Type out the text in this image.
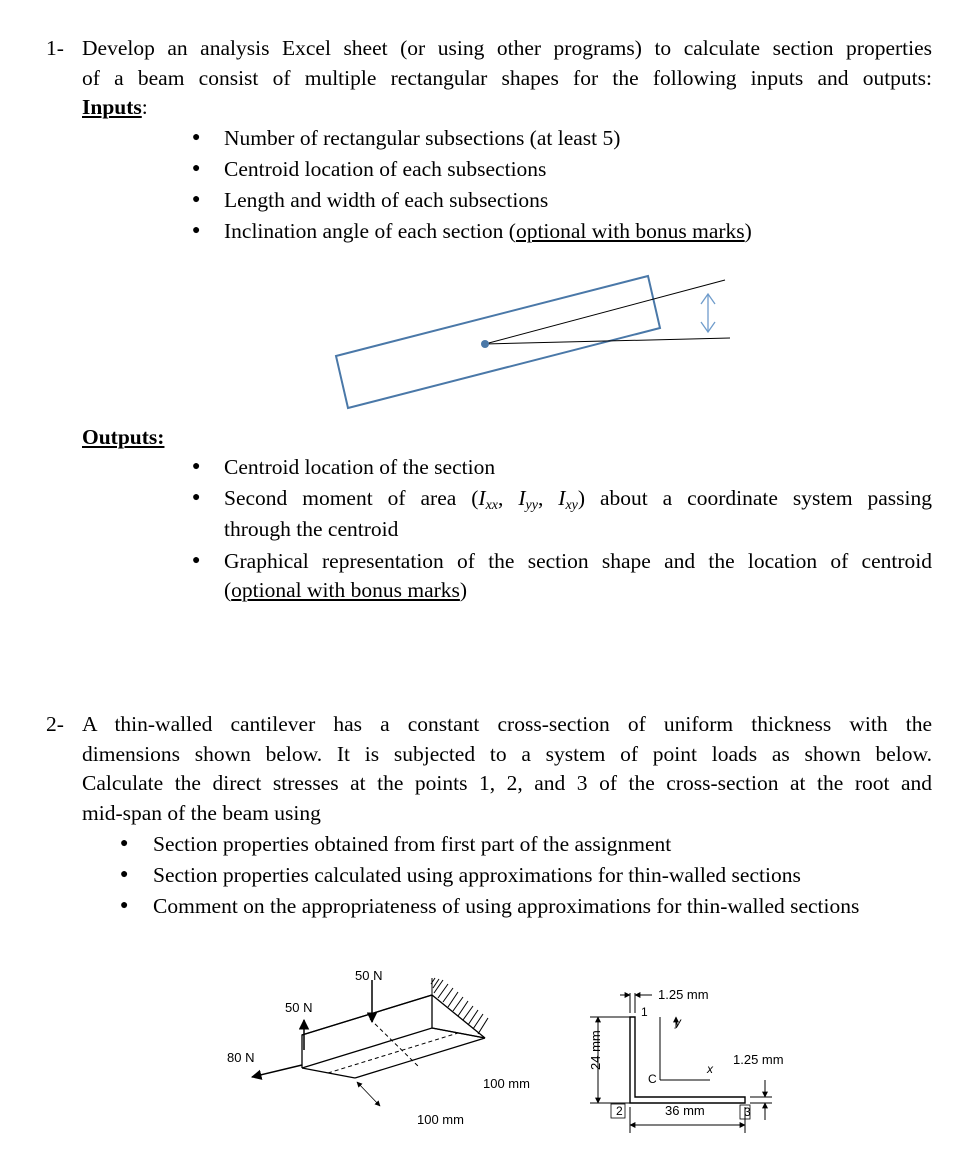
1- Develop an analysis Excel sheet (or using other programs) to calculate section properties
of a beam consist of multiple rectangular shapes for the following inputs and outputs:
Inputs:
● Number of rectangular subsections (at least 5)
● Centroid location of each subsections
● Length and width of each subsections
● Inclination angle of each section (optional with bonus marks)
Outputs:
● Centroid location of the section
● Second moment of area ($I_{xx}$, $I_{yy}$, $I_{xy}$) about a coordinate system passing
through the centroid
● Graphical representation of the section shape and the location of centroid
(optional with bonus marks)
2- A thin-walled cantilever has a constant cross-section of uniform thickness with the
dimensions shown below. It is subjected to a system of point loads as shown below.
Calculate the direct stresses at the points 1, 2, and 3 of the cross-section at the root and
mid-span of the beam using
● Section properties obtained from first part of the assignment
● Section properties calculated using approximations for thin-walled sections
● Comment on the appropriateness of using approximations for thin-walled sections
50 N
50 N
80 N
100 mm
100 mm
1.25 mm
1.25 mm
36 mm
24 mm
1
2	3
C
x
y
